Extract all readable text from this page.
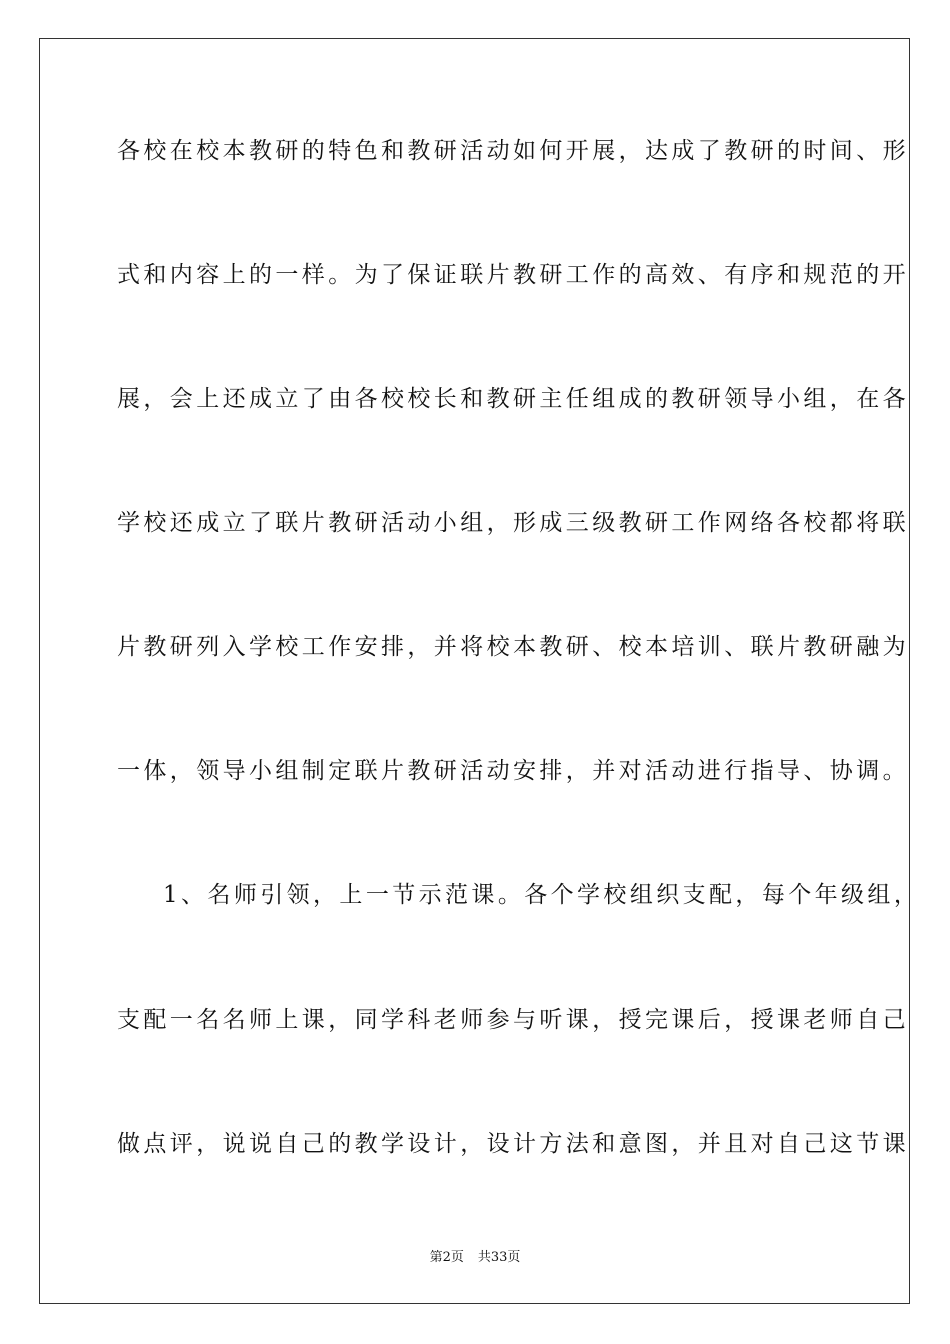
各校在校本教研的特色和教研活动如何开展，达成了教研的时间、形
式和内容上的一样。为了保证联片教研工作的高效、有序和规范的开
展，会上还成立了由各校校长和教研主任组成的教研领导小组，在各
学校还成立了联片教研活动小组，形成三级教研工作网络各校都将联
片教研列入学校工作安排，并将校本教研、校本培训、联片教研融为
一体，领导小组制定联片教研活动安排，并对活动进行指导、协调。
1、名师引领，上一节示范课。各个学校组织支配，每个年级组，
支配一名名师上课，同学科老师参与听课，授完课后，授课老师自己
做点评，说说自己的教学设计，设计方法和意图，并且对自己这节课
第2页 共33页
